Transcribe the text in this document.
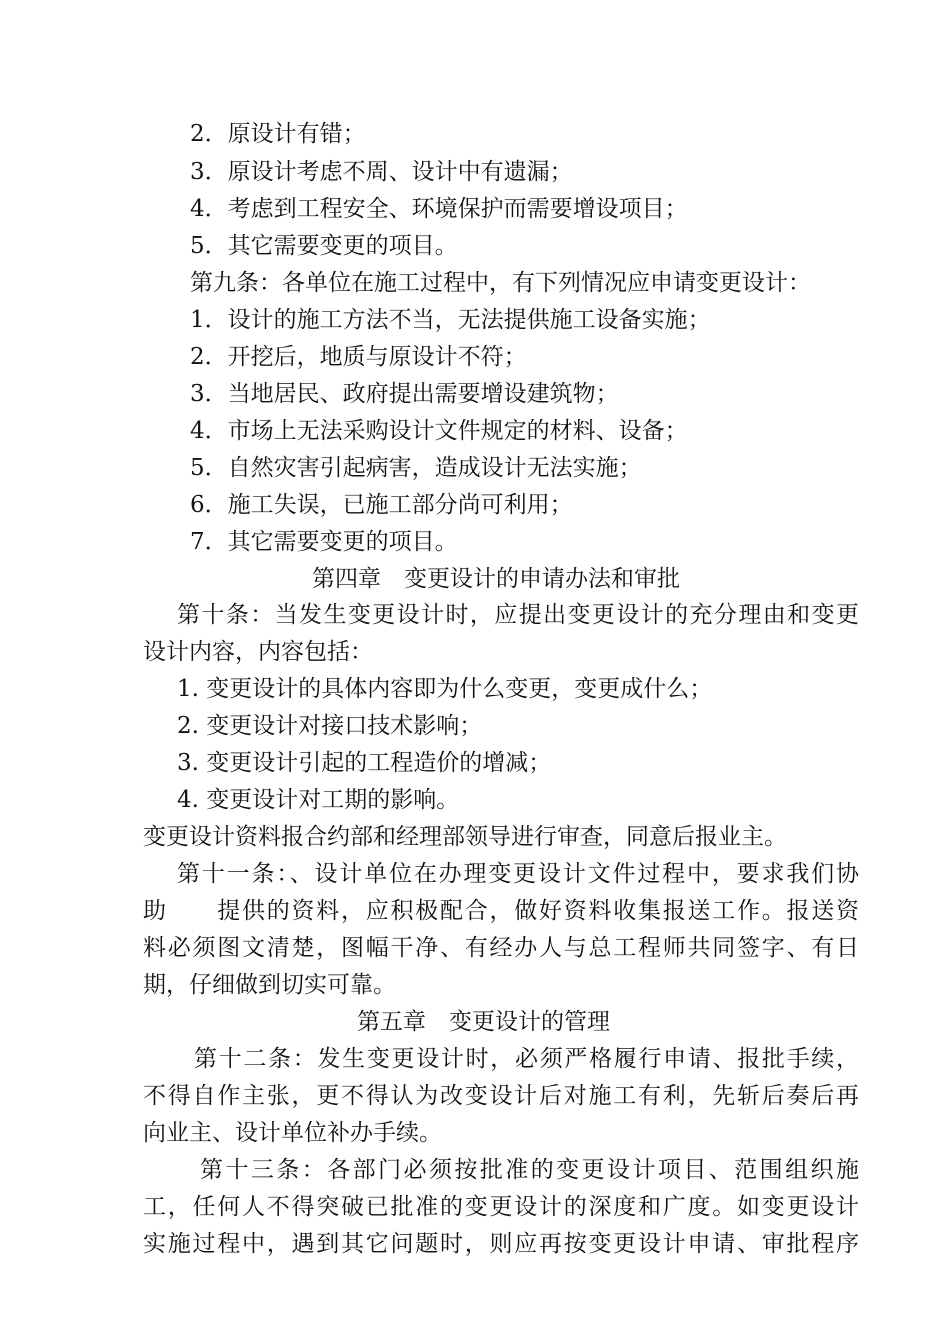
2．原设计有错；
3．原设计考虑不周、设计中有遗漏；
4．考虑到工程安全、环境保护而需要增设项目；
5．其它需要变更的项目。
第九条：各单位在施工过程中，有下列情况应申请变更设计：
1．设计的施工方法不当，无法提供施工设备实施；
2．开挖后，地质与原设计不符；
3．当地居民、政府提出需要增设建筑物；
4．市场上无法采购设计文件规定的材料、设备；
5．自然灾害引起病害，造成设计无法实施；
6．施工失误，已施工部分尚可利用；
7．其它需要变更的项目。
第四章　变更设计的申请办法和审批
第十条：当发生变更设计时，应提出变更设计的充分理由和变更
设计内容，内容包括：
1. 变更设计的具体内容即为什么变更，变更成什么；
2. 变更设计对接口技术影响；
3. 变更设计引起的工程造价的增减；
4. 变更设计对工期的影响。
变更设计资料报合约部和经理部领导进行审查，同意后报业主。
第十一条：、设计单位在办理变更设计文件过程中，要求我们协
助　　提供的资料，应积极配合，做好资料收集报送工作。报送资
料必须图文清楚，图幅干净、有经办人与总工程师共同签字、有日
期，仔细做到切实可靠。
第五章　变更设计的管理
第十二条：发生变更设计时，必须严格履行申请、报批手续，
不得自作主张，更不得认为改变设计后对施工有利，先斩后奏后再
向业主、设计单位补办手续。
第十三条：各部门必须按批准的变更设计项目、范围组织施
工，任何人不得突破已批准的变更设计的深度和广度。如变更设计
实施过程中，遇到其它问题时，则应再按变更设计申请、审批程序
